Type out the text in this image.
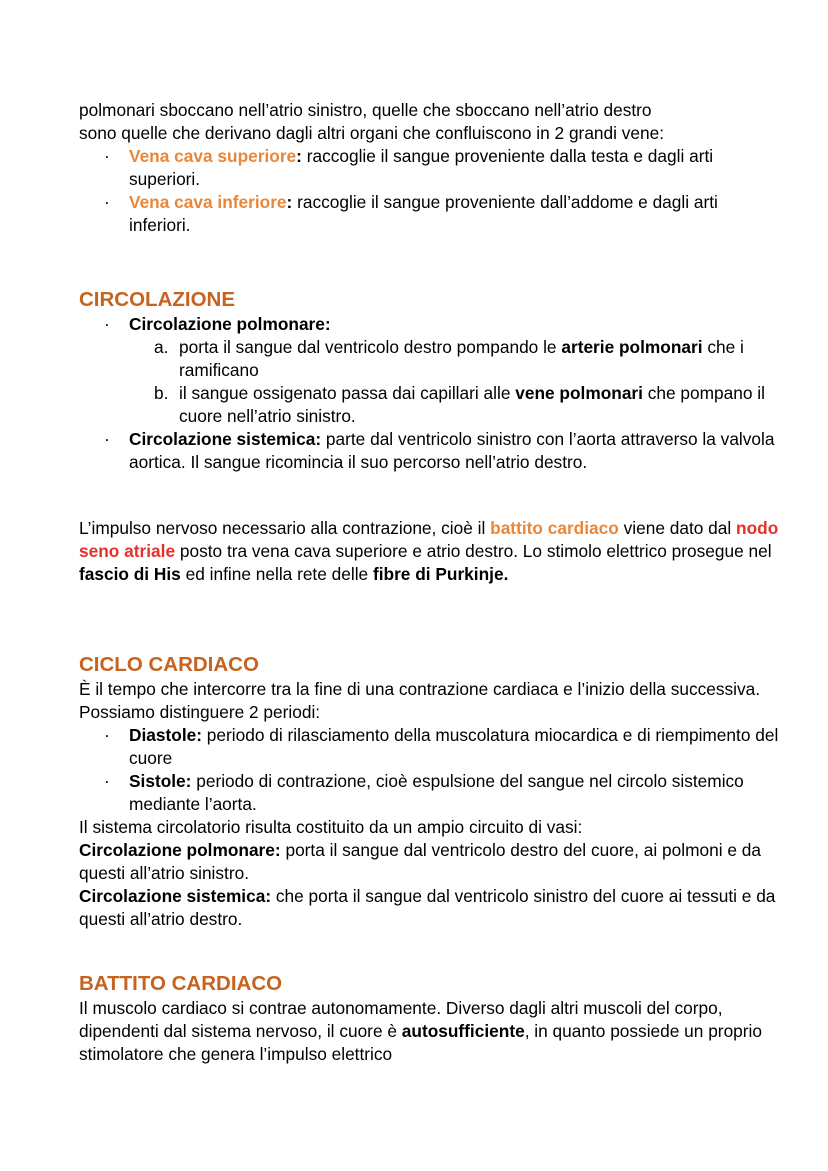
polmonari sboccano nell’atrio sinistro, quelle che sboccano nell’atrio destro

sono quelle che derivano dagli altri organi che confluiscono in 2 grandi vene:

· Vena cava superiore: raccoglie il sangue proveniente dalla testa e dagli arti superiori.
· Vena cava inferiore: raccoglie il sangue proveniente dall’addome e dagli arti inferiori.
CIRCOLAZIONE
· Circolazione polmonare:
a. porta il sangue dal ventricolo destro pompando le arterie polmonari che i ramificano
b. il sangue ossigenato passa dai capillari alle vene polmonari che pompano il cuore nell’atrio sinistro.
· Circolazione sistemica: parte dal ventricolo sinistro con l’aorta attraverso la valvola aortica. Il sangue ricomincia il suo percorso nell’atrio destro.

L’impulso nervoso necessario alla contrazione, cioè il battito cardiaco viene dato dal nodo seno atriale posto tra vena cava superiore e atrio destro. Lo stimolo elettrico prosegue nel fascio di His ed infine nella rete delle fibre di Purkinje.

CICLO CARDIACO

È il tempo che intercorre tra la fine di una contrazione cardiaca e l’inizio della successiva. Possiamo distinguere 2 periodi:

· Diastole: periodo di rilasciamento della muscolatura miocardica e di riempimento del cuore
· Sistole: periodo di contrazione, cioè espulsione del sangue nel circolo sistemico mediante l’aorta.

Il sistema circolatorio risulta costituito da un ampio circuito di vasi:

Circolazione polmonare: porta il sangue dal ventricolo destro del cuore, ai polmoni e da questi all’atrio sinistro.

Circolazione sistemica: che porta il sangue dal ventricolo sinistro del cuore ai tessuti e da questi all’atrio destro.

BATTITO CARDIACO

Il muscolo cardiaco si contrae autonomamente. Diverso dagli altri muscoli del corpo, dipendenti dal sistema nervoso, il cuore è autosufficiente, in quanto possiede un proprio stimolatore che genera l’impulso elettrico
